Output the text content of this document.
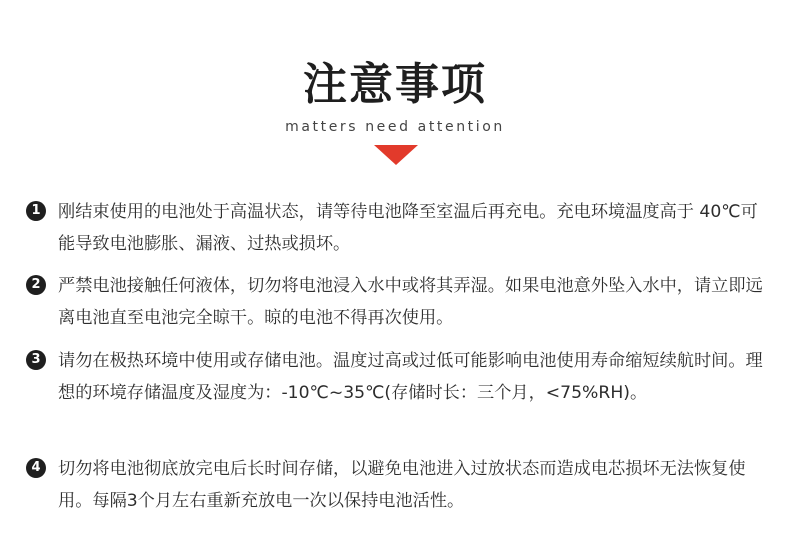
注意事项
matters need attention
1	刚结束使用的电池处于高温状态，请等待电池降至室温后再充电。充电环境温度高于 40℃可能导致电池膨胀、漏液、过热或损坏。
2	严禁电池接触任何液体，切勿将电池浸入水中或将其弄湿。如果电池意外坠入水中，请立即远离电池直至电池完全晾干。晾的电池不得再次使用。
3	请勿在极热环境中使用或存储电池。温度过高或过低可能影响电池使用寿命缩短续航时间。理想的环境存储温度及湿度为：-10℃~35℃(存储时长：三个月，<75%RH)。
4	切勿将电池彻底放完电后长时间存储，以避免电池进入过放状态而造成电芯损坏无法恢复使用。每隔3个月左右重新充放电一次以保持电池活性。
